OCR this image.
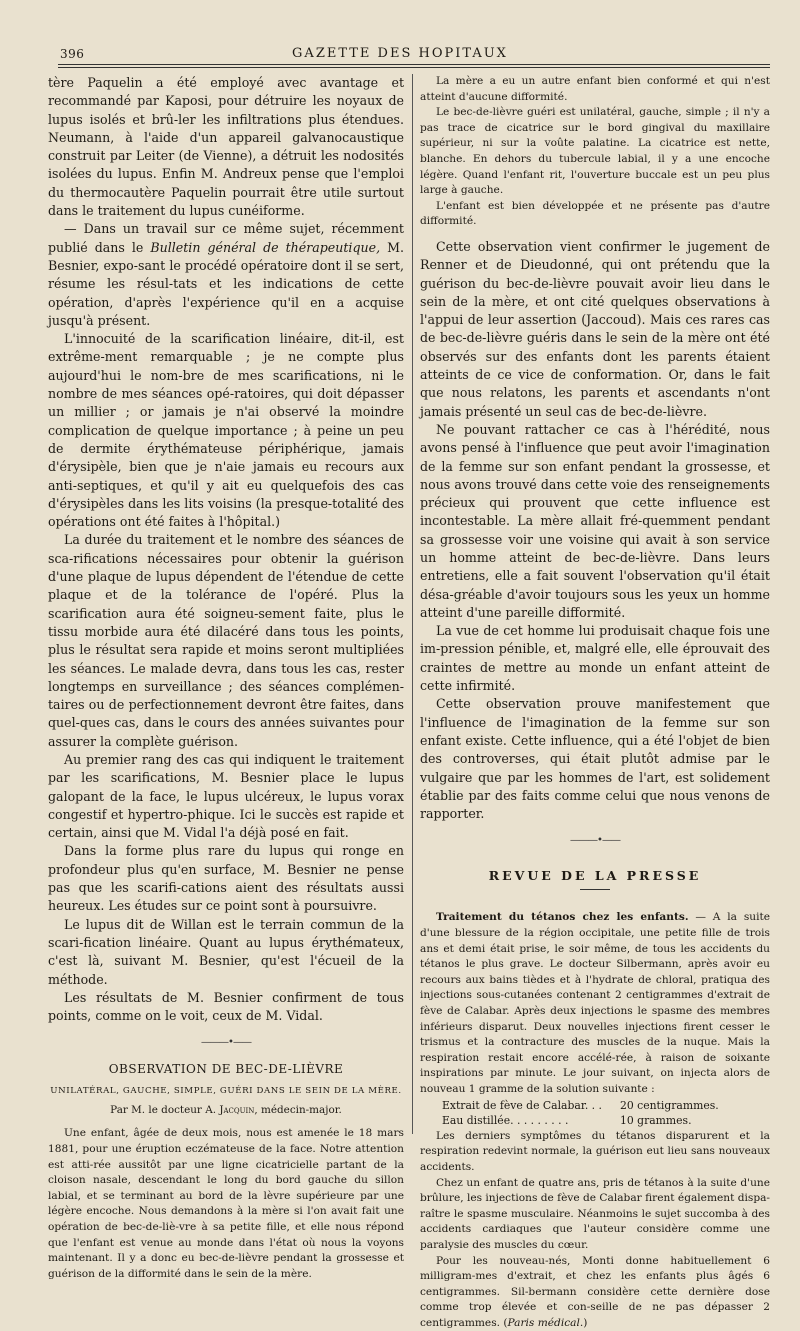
396	GAZETTE DES HOPITAUX

tère Paquelin a été employé avec avantage et recommandé par Kaposi, pour détruire les noyaux de lupus isolés et brû-ler les infiltrations plus étendues. Neumann, à l'aide d'un appareil galvanocaustique construit par Leiter (de Vienne), a détruit les nodosités isolées du lupus. Enfin M. Andreux pense que l'emploi du thermocautère Paquelin pourrait être utile surtout dans le traitement du lupus cunéiforme.

— Dans un travail sur ce même sujet, récemment publié dans le Bulletin général de thérapeutique, M. Besnier, expo-sant le procédé opératoire dont il se sert, résume les résul-tats et les indications de cette opération, d'après l'expérience qu'il en a acquise jusqu'à présent.

L'innocuité de la scarification linéaire, dit-il, est extrême-ment remarquable ; je ne compte plus aujourd'hui le nom-bre de mes scarifications, ni le nombre de mes séances opé-ratoires, qui doit dépasser un millier ; or jamais je n'ai observé la moindre complication de quelque importance ; à peine un peu de dermite érythémateuse périphérique, jamais d'érysipèle, bien que je n'aie jamais eu recours aux anti-septiques, et qu'il y ait eu quelquefois des cas d'érysipèles dans les lits voisins (la presque-totalité des opérations ont été faites à l'hôpital.)

La durée du traitement et le nombre des séances de sca-rifications nécessaires pour obtenir la guérison d'une plaque de lupus dépendent de l'étendue de cette plaque et de la tolérance de l'opéré. Plus la scarification aura été soigneu-sement faite, plus le tissu morbide aura été dilacéré dans tous les points, plus le résultat sera rapide et moins seront multipliées les séances. Le malade devra, dans tous les cas, rester longtemps en surveillance ; des séances complémen-taires ou de perfectionnement devront être faites, dans quel-ques cas, dans le cours des années suivantes pour assurer la complète guérison.

Au premier rang des cas qui indiquent le traitement par les scarifications, M. Besnier place le lupus galopant de la face, le lupus ulcéreux, le lupus vorax congestif et hypertro-phique. Ici le succès est rapide et certain, ainsi que M. Vidal l'a déjà posé en fait.

Dans la forme plus rare du lupus qui ronge en profondeur plus qu'en surface, M. Besnier ne pense pas que les scarifi-cations aient des résultats aussi heureux. Les études sur ce point sont à poursuivre.

Le lupus dit de Willan est le terrain commun de la scari-fication linéaire. Quant au lupus érythémateux, c'est là, suivant M. Besnier, qu'est l'écueil de la méthode.

Les résultats de M. Besnier confirment de tous points, comme on le voit, ceux de M. Vidal.

———•——
OBSERVATION DE BEC-DE-LIÈVRE
UNILATÉRAL, GAUCHE, SIMPLE, GUÉRI DANS LE SEIN DE LA MÈRE.
Par M. le docteur A. Jacquin, médecin-major.

Une enfant, âgée de deux mois, nous est amenée le 18 mars 1881, pour une éruption eczémateuse de la face. Notre attention est atti-rée aussitôt par une ligne cicatricielle partant de la cloison nasale, descendant le long du bord gauche du sillon labial, et se terminant au bord de la lèvre supérieure par une légère encoche. Nous demandons à la mère si l'on avait fait une opération de bec-de-liè-vre à sa petite fille, et elle nous répond que l'enfant est venue au monde dans l'état où nous la voyons maintenant. Il y a donc eu bec-de-lièvre pendant la grossesse et guérison de la difformité dans le sein de la mère.

La mère a eu un autre enfant bien conformé et qui n'est atteint d'aucune difformité.

Le bec-de-lièvre guéri est unilatéral, gauche, simple ; il n'y a pas trace de cicatrice sur le bord gingival du maxillaire supérieur, ni sur la voûte palatine. La cicatrice est nette, blanche. En dehors du tubercule labial, il y a une encoche légère. Quand l'enfant rit, l'ouverture buccale est un peu plus large à gauche.

L'enfant est bien développée et ne présente pas d'autre difformité.

Cette observation vient confirmer le jugement de Renner et de Dieudonné, qui ont prétendu que la guérison du bec-de-lièvre pouvait avoir lieu dans le sein de la mère, et ont cité quelques observations à l'appui de leur assertion (Jaccoud). Mais ces rares cas de bec-de-lièvre guéris dans le sein de la mère ont été observés sur des enfants dont les parents étaient atteints de ce vice de conformation. Or, dans le fait que nous relatons, les parents et ascendants n'ont jamais présenté un seul cas de bec-de-lièvre.

Ne pouvant rattacher ce cas à l'hérédité, nous avons pensé à l'influence que peut avoir l'imagination de la femme sur son enfant pendant la grossesse, et nous avons trouvé dans cette voie des renseignements précieux qui prouvent que cette influence est incontestable. La mère allait fré-quemment pendant sa grossesse voir une voisine qui avait à son service un homme atteint de bec-de-lièvre. Dans leurs entretiens, elle a fait souvent l'observation qu'il était désa-gréable d'avoir toujours sous les yeux un homme atteint d'une pareille difformité.

La vue de cet homme lui produisait chaque fois une im-pression pénible, et, malgré elle, elle éprouvait des craintes de mettre au monde un enfant atteint de cette infirmité.

Cette observation prouve manifestement que l'influence de l'imagination de la femme sur son enfant existe. Cette influence, qui a été l'objet de bien des controverses, qui était plutôt admise par le vulgaire que par les hommes de l'art, est solidement établie par des faits comme celui que nous venons de rapporter.

———•——
REVUE DE LA PRESSE

Traitement du tétanos chez les enfants. — A la suite d'une blessure de la région occipitale, une petite fille de trois ans et demi était prise, le soir même, de tous les accidents du tétanos le plus grave. Le docteur Silbermann, après avoir eu recours aux bains tièdes et à l'hydrate de chloral, pratiqua des injections sous-cutanées contenant 2 centigrammes d'extrait de fève de Calabar. Après deux injections le spasme des membres inférieurs disparut. Deux nouvelles injections firent cesser le trismus et la contracture des muscles de la nuque. Mais la respiration restait encore accélé-rée, à raison de soixante inspirations par minute. Le jour suivant, on injecta alors de nouveau 1 gramme de la solution suivante :

Extrait de fève de Calabar. . .	20 centigrammes.
Eau distillée. . . . . . . . .	10 grammes.

Les derniers symptômes du tétanos disparurent et la respiration redevint normale, la guérison eut lieu sans nouveaux accidents.

Chez un enfant de quatre ans, pris de tétanos à la suite d'une brûlure, les injections de fève de Calabar firent également dispa-raître le spasme musculaire. Néanmoins le sujet succomba à des accidents cardiaques que l'auteur considère comme une paralysie des muscles du cœur.

Pour les nouveau-nés, Monti donne habituellement 6 milligram-mes d'extrait, et chez les enfants plus âgés 6 centigrammes. Sil-bermann considère cette dernière dose comme trop élevée et con-seille de ne pas dépasser 2 centigrammes. (Paris médical.)
